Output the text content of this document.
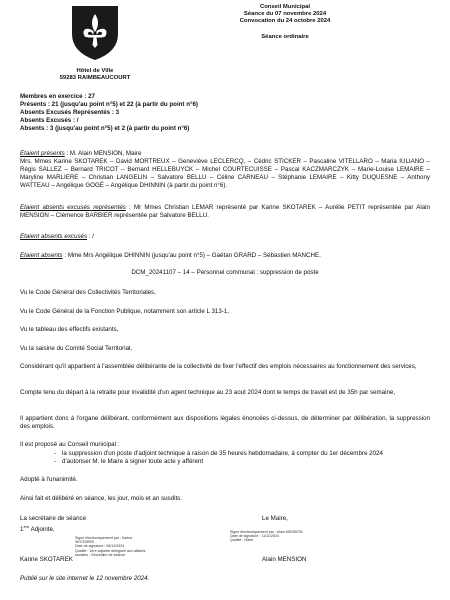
Conseil Municipal
Séance du 07 novembre 2024
Convocation du 24 octobre 2024
Séance ordinaire
Hôtel de Ville
59283 RAIMBEAUCOURT
Membres en exercice : 27
Présents : 21 (jusqu'au point n°5) et 22 (à partir du point n°6)
Absents Excusés Représentés : 3
Absents Excusés : /
Absents : 3 (jusqu'au point n°5) et 2 (à partir du point n°6)
Etaient présents : M. Alain MENSION, Maire
Mrs. Mmes Karine SKOTAREK – David MORTREUX – Geneviève LECLERCQ, – Cédric STICKER – Pascaline VITELLARO – Maria IULIANO – Régis SALLEZ – Bernard TRICOT – Bernard HELLEBUYCK – Michel COURTECUISSE – Pascal KACZMARCZYK – Marie-Louise LEMAIRE – Maryline MARLIERE – Christian LANGELIN – Salvatore BELLU – Céline CARNEAU – Stéphanie LEMAIRE – Kitty DUQUESNE – Anthony WATTEAU – Angélique GOGÉ – Angélique DHINNIN (à partir du point n°6).
Etaient absents excusés représentés : Mr Mmes Christian LEMAR représenté par Karine SKOTAREK – Aurélie PETIT représentée par Alain MENSION – Clémence BARBIER représentée par Salvatore BELLU.
Etaient absents excusés : /
Etaient absents : Mme Mrs Angélique DHINNIN (jusqu'au point n°5) – Gaëtan GRARD – Sébastien MANCHE.
DCM_20241107 – 14 – Personnel communal : suppression de poste
Vu le Code Général des Collectivités Territoriales,
Vu le Code Général de la Fonction Publique, notamment son article L 313-1,
Vu le tableau des effectifs existants,
Vu la saisine du Comité Social Territorial,
Considérant qu'il appartient à l'assemblée délibérante de la collectivité de fixer l'effectif des emplois nécessaires au fonctionnement des services,
Compte tenu du départ à la retraite pour invalidité d'un agent technique au 23 aout 2024 dont le temps de travail est de 35h par semaine,
Il appartient donc à l'organe délibérant, conformément aux dispositions légales énoncées ci-dessus, de déterminer par délibération, la suppression des emplois.
Il est proposé au Conseil municipal :
- la suppression d'un poste d'adjoint technique à raison de 35 heures hebdomadaire, à compter du 1er décembre 2024
- d'autoriser M. le Maire à signer toute acte y afférent
Adopté à l'unanimité.
Ainsi fait et délibéré en séance, les jour, mois et an susdits.
La secrétaire de séance
1ère Adjointe,
Signé électroniquement par : Karine
SKOTAREK
Date de signature : 08/11/2024
Qualité : 1ère adjointe déléguée aux affaires
sociales - Secrétaire de séance
Karine SKOTAREK
Le Maire,
Signé électroniquement par : Alain MENSION
Date de signature : 11/11/2024
Qualité : Maire
Alain MENSION
Publié sur le site internet le 12 novembre 2024.
